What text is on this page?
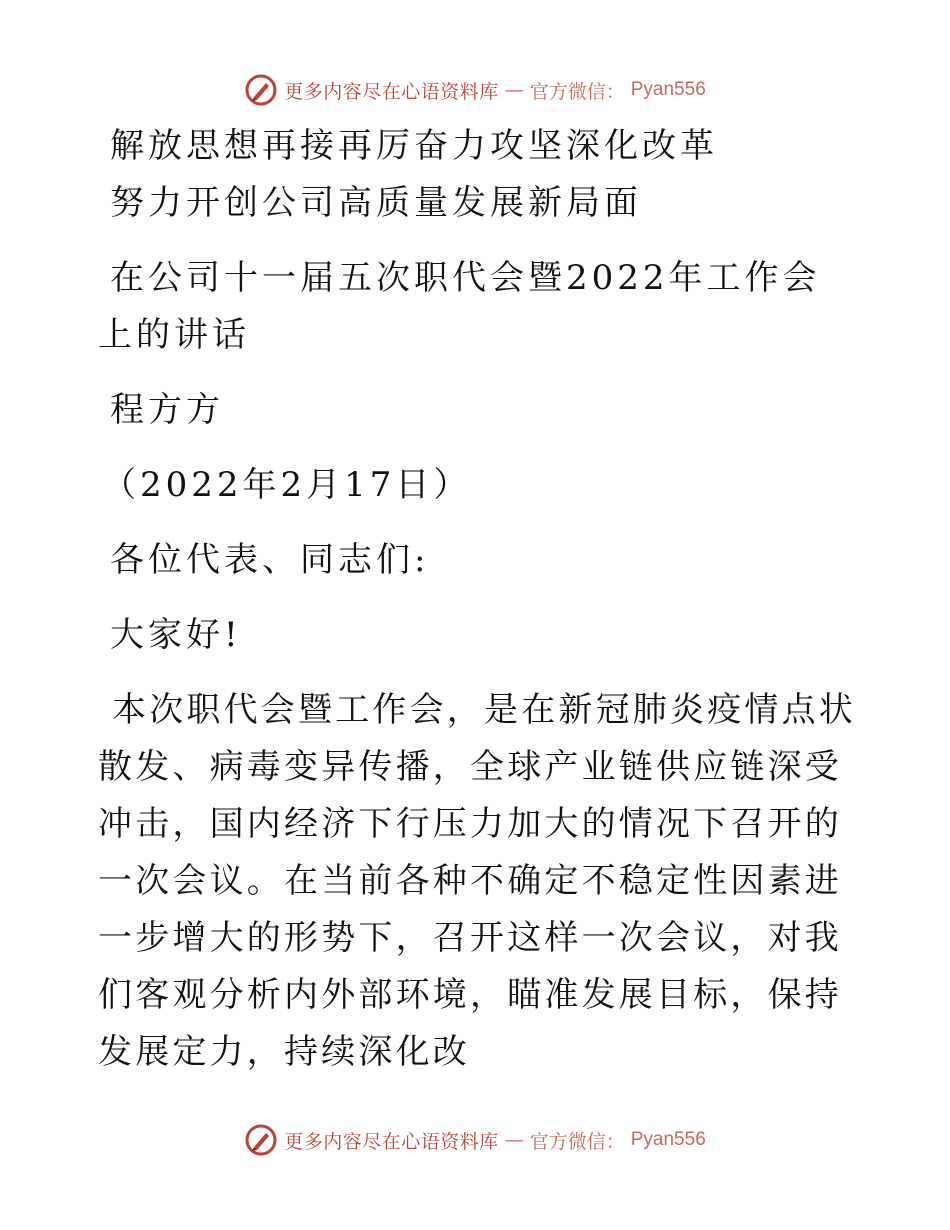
更多内容尽在心语资料库 — 官方微信： Pyan556

解放思想再接再厉奋力攻坚深化改革

努力开创公司高质量发展新局面

在公司十一届五次职代会暨2022年工作会上的讲话

程方方

（2022年2月17日）

各位代表、同志们:

大家好!

本次职代会暨工作会，是在新冠肺炎疫情点状散发、病毒变异传播，全球产业链供应链深受冲击，国内经济下行压力加大的情况下召开的一次会议。在当前各种不确定不稳定性因素进一步增大的形势下，召开这样一次会议，对我们客观分析内外部环境，瞄准发展目标，保持发展定力，持续深化改

更多内容尽在心语资料库 — 官方微信： Pyan556
